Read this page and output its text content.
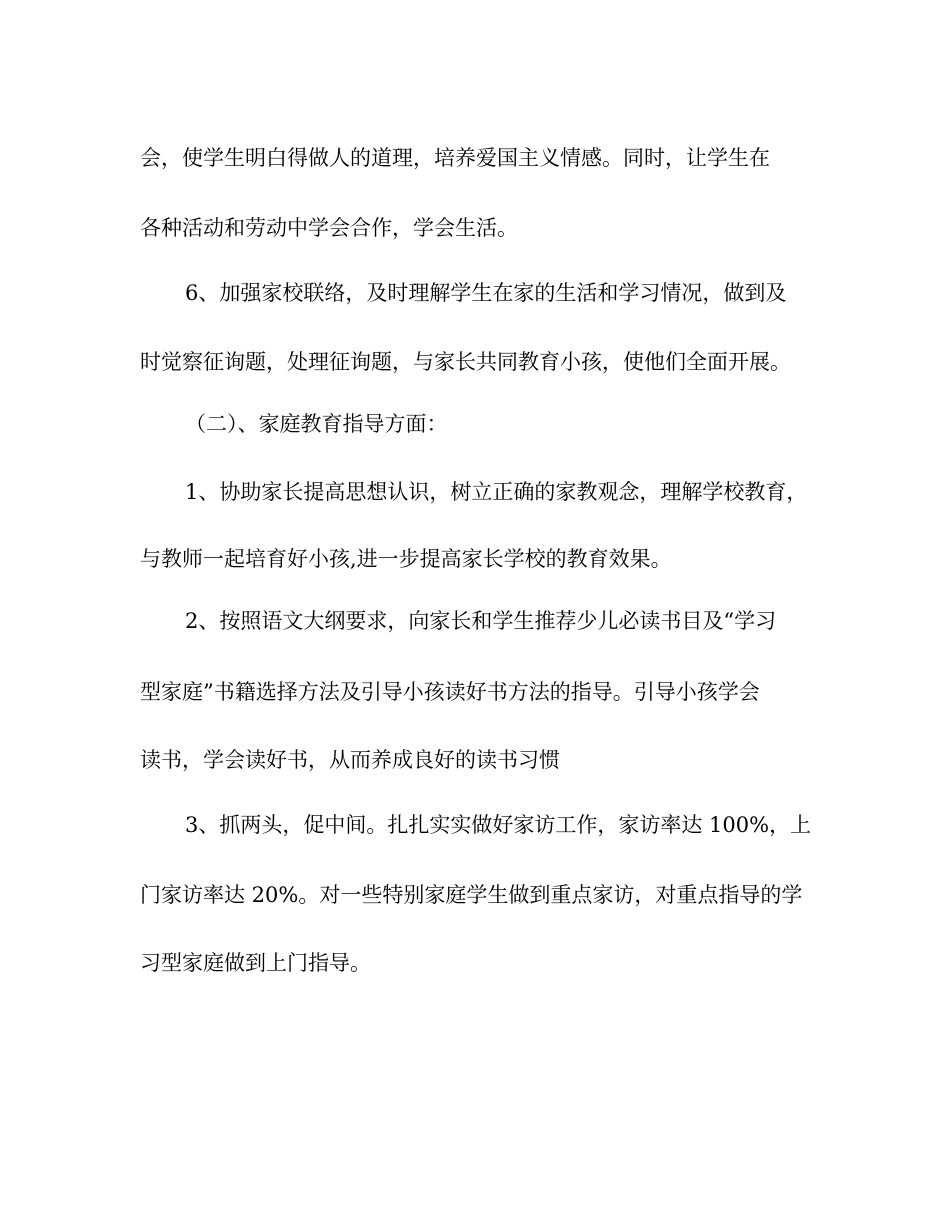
会，使学生明白得做人的道理，培养爱国主义情感。同时，让学生在
各种活动和劳动中学会合作，学会生活。
6、加强家校联络，及时理解学生在家的生活和学习情况，做到及
时觉察征询题，处理征询题，与家长共同教育小孩，使他们全面开展。
（二）、家庭教育指导方面：
1、协助家长提高思想认识，树立正确的家教观念，理解学校教育，
与教师一起培育好小孩,进一步提高家长学校的教育效果。
2、按照语文大纲要求，向家长和学生推荐少儿必读书目及“学习
型家庭”书籍选择方法及引导小孩读好书方法的指导。引导小孩学会
读书，学会读好书，从而养成良好的读书习惯
3、抓两头，促中间。扎扎实实做好家访工作，家访率达 100%，上
门家访率达 20%。对一些特别家庭学生做到重点家访，对重点指导的学
习型家庭做到上门指导。
